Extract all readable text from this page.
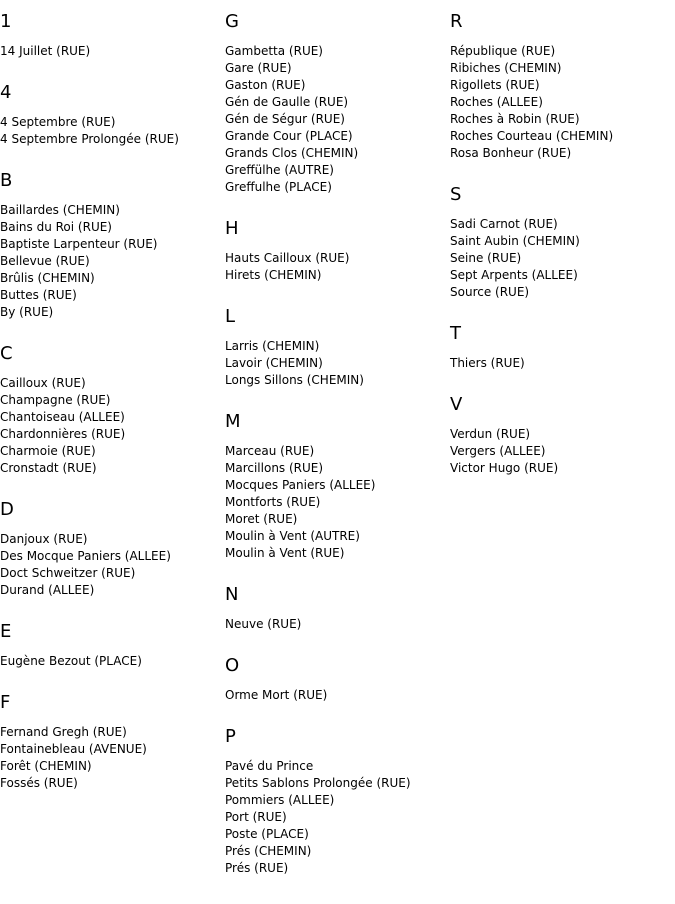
1
14 Juillet (RUE)
4
4 Septembre (RUE)
4 Septembre Prolongée (RUE)
B
Baillardes (CHEMIN)
Bains du Roi (RUE)
Baptiste Larpenteur (RUE)
Bellevue (RUE)
Brûlis (CHEMIN)
Buttes (RUE)
By (RUE)
C
Cailloux (RUE)
Champagne (RUE)
Chantoiseau (ALLEE)
Chardonnières (RUE)
Charmoie (RUE)
Cronstadt (RUE)
D
Danjoux (RUE)
Des Mocque Paniers (ALLEE)
Doct Schweitzer (RUE)
Durand (ALLEE)
E
Eugène Bezout (PLACE)
F
Fernand Gregh (RUE)
Fontainebleau (AVENUE)
Forêt (CHEMIN)
Fossés (RUE)
G
Gambetta (RUE)
Gare (RUE)
Gaston (RUE)
Gén de Gaulle (RUE)
Gén de Ségur (RUE)
Grande Cour (PLACE)
Grands Clos (CHEMIN)
Greffülhe (AUTRE)
Greffulhe (PLACE)
H
Hauts Cailloux (RUE)
Hirets (CHEMIN)
L
Larris (CHEMIN)
Lavoir (CHEMIN)
Longs Sillons (CHEMIN)
M
Marceau (RUE)
Marcillons (RUE)
Mocques Paniers (ALLEE)
Montforts (RUE)
Moret (RUE)
Moulin à Vent (AUTRE)
Moulin à Vent (RUE)
N
Neuve (RUE)
O
Orme Mort (RUE)
P
Pavé du Prince
Petits Sablons Prolongée (RUE)
Pommiers (ALLEE)
Port (RUE)
Poste (PLACE)
Prés (CHEMIN)
Prés (RUE)
R
République (RUE)
Ribiches (CHEMIN)
Rigollets (RUE)
Roches (ALLEE)
Roches à Robin (RUE)
Roches Courteau (CHEMIN)
Rosa Bonheur (RUE)
S
Sadi Carnot (RUE)
Saint Aubin (CHEMIN)
Seine (RUE)
Sept Arpents (ALLEE)
Source (RUE)
T
Thiers (RUE)
V
Verdun (RUE)
Vergers (ALLEE)
Victor Hugo (RUE)
